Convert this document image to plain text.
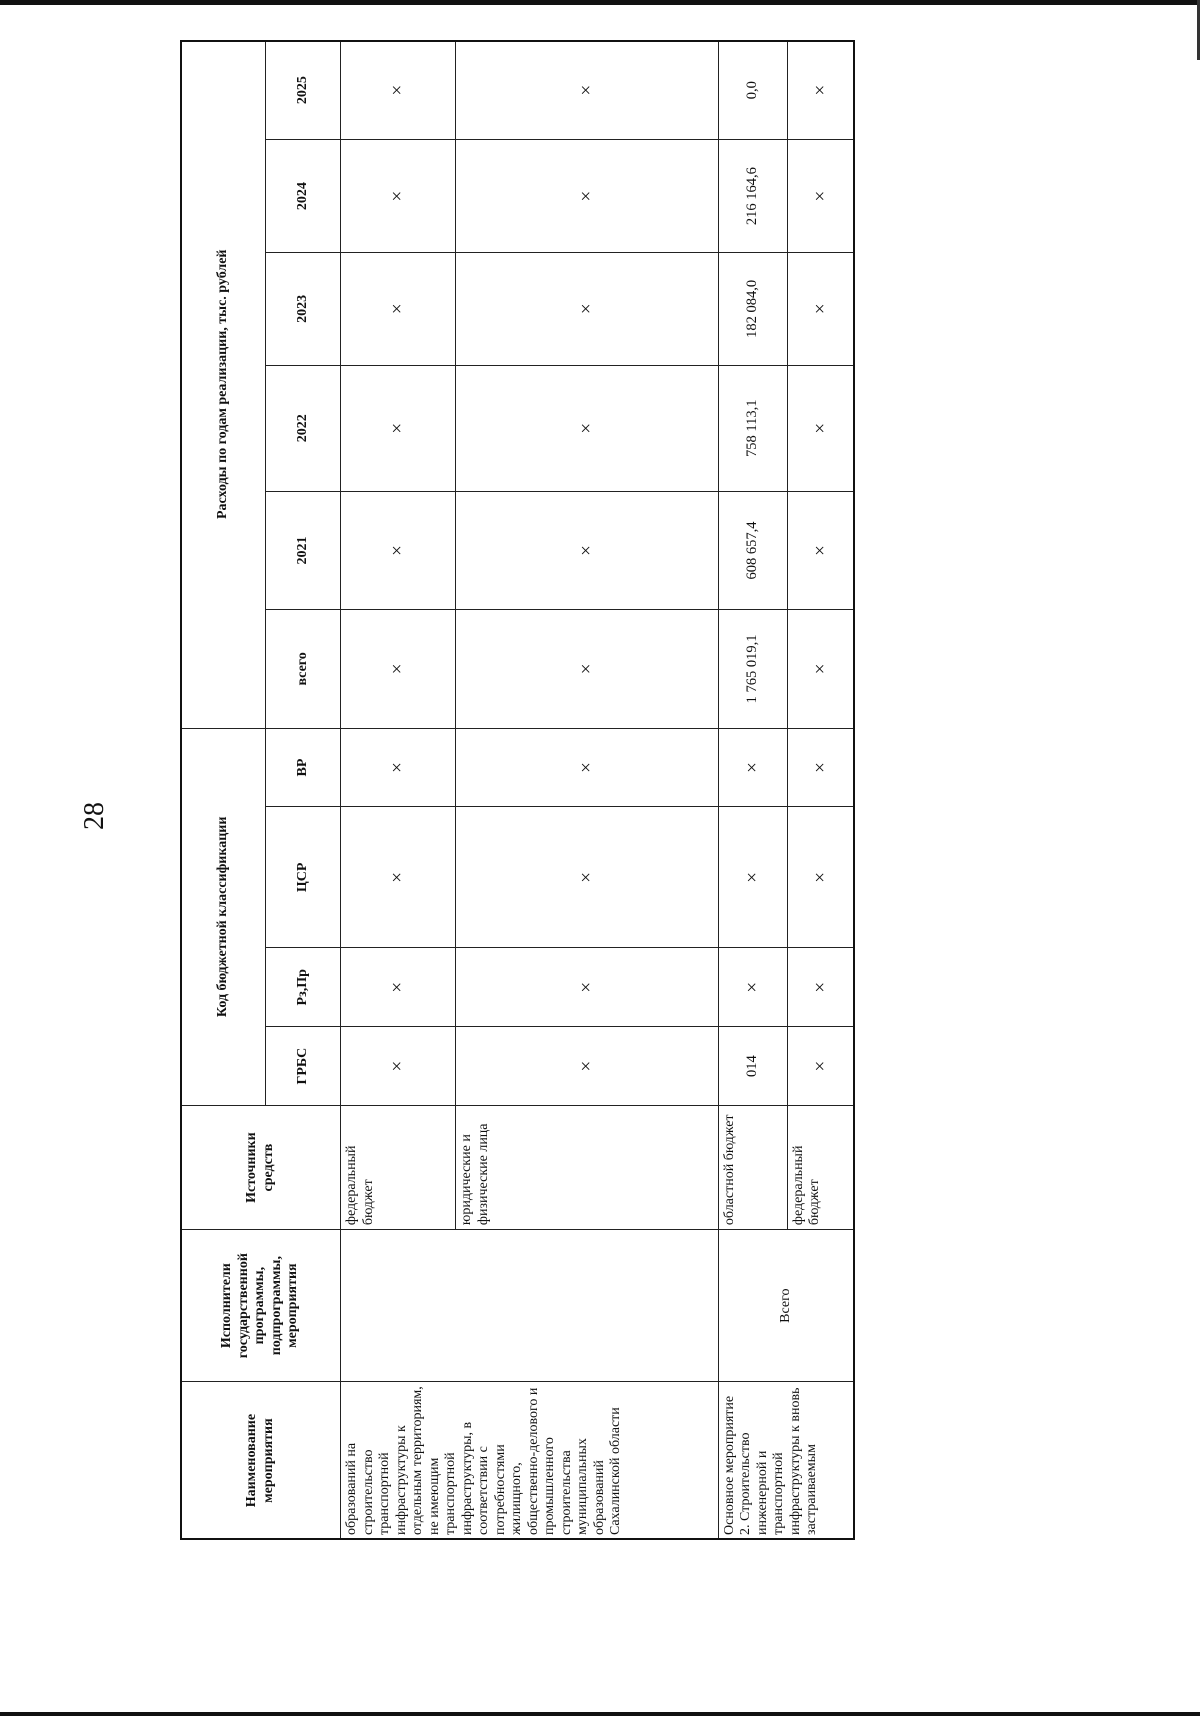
28
Наименование мероприятия	Исполнители государственной программы, подпрограммы, мероприятия	Источники средств	Код бюджетной классификации				Расходы по годам реализации, тыс. рублей					
			ГРБС	Рз,Пр	ЦСР	ВР	всего	2021	2022	2023	2024	2025
образований на строительство транспортной инфраструктуры к отдельным территориям, не имеющим транспортной инфраструктуры, в соответствии с потребностями жилищного, общественно-делового и промышленного строительства муниципальных образований Сахалинской области		федеральный бюджет	×	×	×	×	×	×	×	×	×	×
		юридические и физические лица	×	×	×	×	×	×	×	×	×	×
Основное мероприятие 2. Строительство инженерной и транспортной инфраструктуры к вновь застраиваемым	Всего	областной бюджет	014	×	×	×	1 765 019,1	608 657,4	758 113,1	182 084,0	216 164,6	0,0
		федеральный бюджет	×	×	×	×	×	×	×	×	×	×
